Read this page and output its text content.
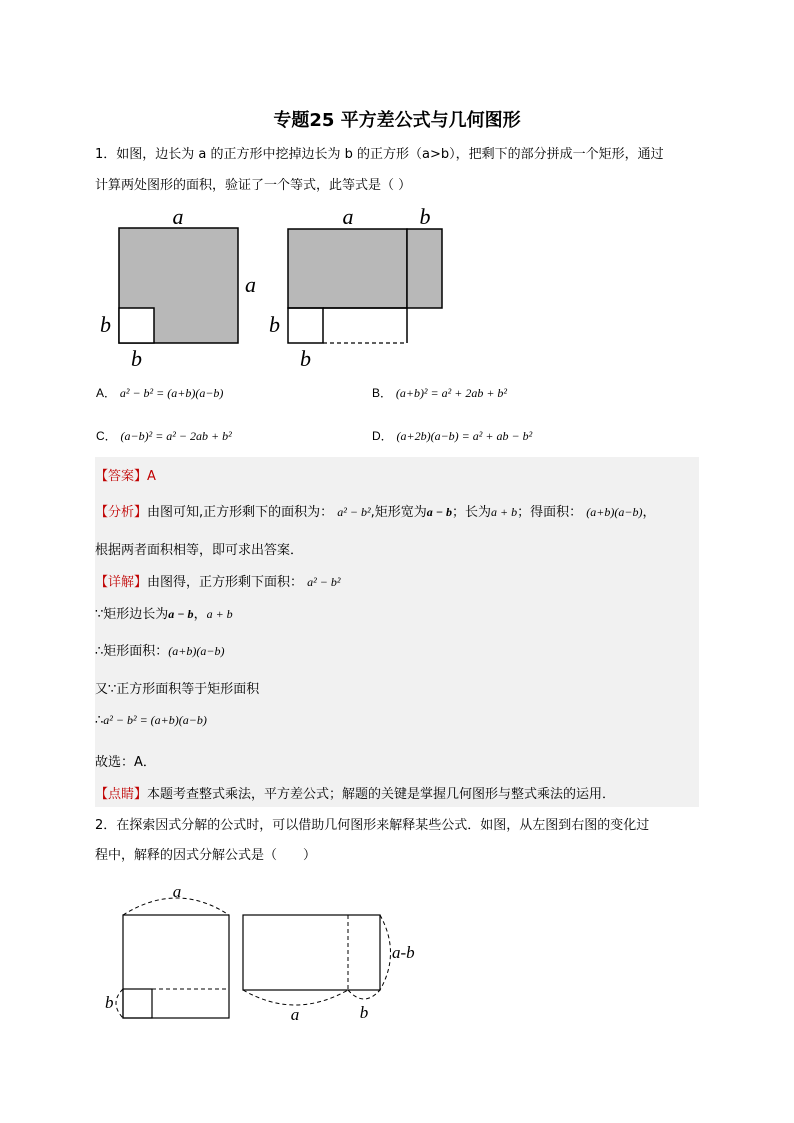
专题25 平方差公式与几何图形
1．如图，边长为 a 的正方形中挖掉边长为 b 的正方形（a>b），把剩下的部分拼成一个矩形，通过
计算两处图形的面积，验证了一个等式，此等式是（ ）
a
a
b
b
a	b
b
b
A． a² − b² = (a+b)(a−b)	B． (a+b)² = a² + 2ab + b²
C． (a−b)² = a² − 2ab + b²	D． (a+2b)(a−b) = a² + ab − b²
【答案】A
【分析】由图可知,正方形剩下的面积为： a² − b²,矩形宽为a − b；长为a + b；得面积： (a+b)(a−b)，
根据两者面积相等，即可求出答案．
【详解】由图得，正方形剩下面积： a² − b²
∵矩形边长为a − b，a + b
∴矩形面积：(a+b)(a−b)
又∵正方形面积等于矩形面积
∴a² − b² = (a+b)(a−b)
故选：A．
【点睛】本题考查整式乘法，平方差公式；解题的关键是掌握几何图形与整式乘法的运用．
2．在探索因式分解的公式时，可以借助几何图形来解释某些公式．如图，从左图到右图的变化过
程中，解释的因式分解公式是（　　）
a
b
a-b
a	b
